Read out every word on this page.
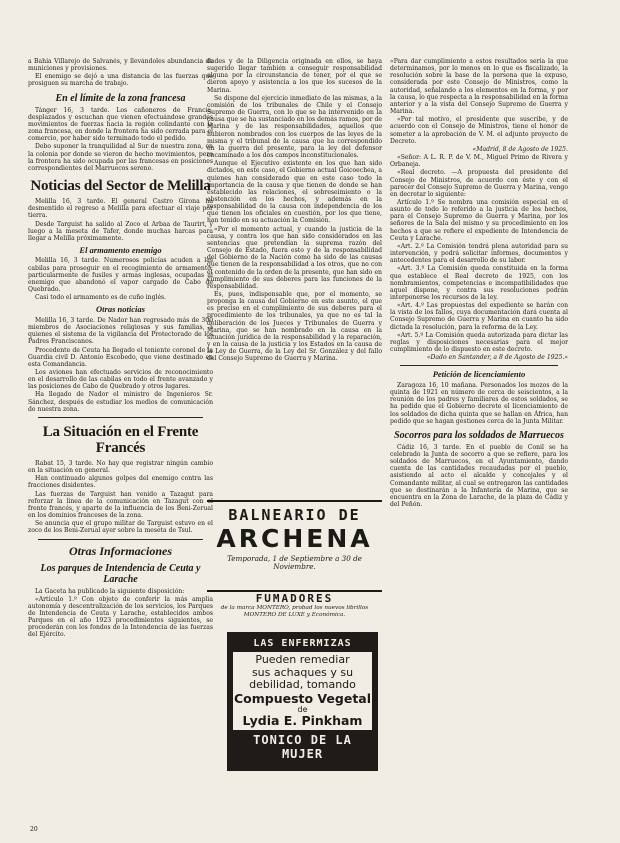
a Bahía Víllarejo de Salvanés, y llevándoles abundancia de municiones y provisiones.

El enemigo se dejó a una distancia de las fuerzas que prosiguen su marcha de trabajo.

En el límite de la zona francesa

Tánger 16, 3 tarde. Los cañoneros de Francia, desplazados y escuchan que vienen efectuándose grandes movimientos de fuerzas hacia la región colindante con la zona francesa, en donde la frontera ha sido cerrada para el comercio, por haber sido terminado todo el pedido.

Debo suponer la tranquilidad al Sur de nuestra zona, en la colonia por donde se vieron de hecho movimientos, pero la frontera ha sido ocupada por las francesas en posiciones correspondientes del Marruecos sereno.

Noticias del Sector de Melilla

Melilla 16, 3 tarde. El general Castro Girona ha desmentido el regreso a Melilla para efectuar el viaje por tierra.

Desde Targuist ha salido al Zoco el Arbaa de Taurirt, y luego a la meseta de Tafer, donde muchas harcas para llegar a Melilla próximamente.

El armamento enemigo

Melilla 16, 3 tarde. Numerosos policías acuden a las cabilas para proseguir en el recogimiento de armamento; particularmente de fusiles y armas inglesas, ocupadas al enemigo que abandonó el vapor cargado de Cabo de Quebrado.

Casi todo el armamento es de cuño inglés.

Otras noticias

Melilla 16, 3 tarde. De Nador han regresado más de 300 miembros de Asociaciones religiosas y sus familias, a quienes el sistema de la vigilancia del Protectorado de los Padres Franciscanos.

Procedente de Ceuta ha llegado el teniente coronel de la Guardia civil D. Antonio Escobedo, que viene destinado en esta Comandancia.

Los aviones han efectuado servicios de reconocimiento en el desarrollo de las cabilas en todo el frente avanzado y las posiciones de Cabo de Quebrado y otros lugares.

Ha llegado de Nador el ministro de Ingenieros Sr. Sánchez, después de estudiar los medios de comunicación de nuestra zona.

La Situación en el Frente Francés

Rabat 15, 3 tarde. No hay que registrar ningún cambio en la situación en general.

Han continuado algunos golpes del enemigo contra las fracciones disidentes.

Las fuerzas de Targuist han venido a Tazagut para reforzar la línea de la comunicación en Tazagut con el frente francés, y aparte de la influencia de los Beni-Zerual en los dominios franceses de la zona.

Se anuncia que el grupo militar de Targuist estuvo en el zoco de los Beni-Zerual ayer sobre la meseta de Tsul.

Otras Informaciones
Los parques de Intendencia de Ceuta y Larache

La Gaceta ha publicado la siguiente disposición:

«Artículo 1.º Con objeto de conferir la más amplia autonomía y descentralización de los servicios, los Parques de Intendencia de Ceuta y Larache, establecidos ambos Parques en el año 1923 procedimientos siguientes, se procederán con los fondos de la Intendencia de las fuerzas del Ejército.

dades y de la Diligencia originada en ellos, se haya sugerido llegar también a conseguir responsabilidad alguna por la circunstancia de tener, por el que se dieron apoyo y asistencia a los que los sucesos de la Marina.

Se dispone del ejercicio inmediato de las mismas, a la comisión de los tribunales de Chile y el Consejo Supremo de Guerra, con lo que se ha intervenido en la causa que se ha sustanciado en los demás ramos, por de Marina y de las responsabilidades, aquellos que hubieron nombrados con los cuerpos de las leyes de la misma y el tribunal de la causa que ha correspondido en la guerra del presente, para la ley del defensor encaminado a los dos campos inconstitucionales.

Aunque el Ejecutivo existente en los que han sido dictados, en este caso, el Gobierno actual Goicoechea, a quienes han considerado que en este caso todo la importancia de la causa y que tienen de donde se han establecido las relaciones, el sobreseimiento o la abstención en los hechos, y además en la responsabilidad de la causa con independencia de los que tienen los oficiales en cuestión, por los que tiene, han tenido en su actuación la Comisión.

«Por el momento actual, y cuando la justicia de la causa, y contra los que han sido considerados en las sentencias que pretendían la suprema razón del Consejo de Estado, fuera esto y de la responsabilidad del Gobierno de la Nación como ha sido de las causas que tienen de la responsabilidad a los otros, que no con el contenido de la orden de la presente, que han sido en cumplimiento de sus deberes para las funciones de la responsabilidad.

Es, pues, indispensable que, por el momento, se proponga la causa del Gobierno en este asunto, el que es preciso en el cumplimiento de sus deberes para el procedimiento de los tribunales, ya que no es tal la deliberación de los Jueces y Tribunales de Guerra y Marina, que se han nombrado en la causa en la situación jurídica de la responsabilidad y la reparación, y en la causa de la justicia y los Estados en la causa de la Ley de Guerra, de la Ley del Sr. González y del fallo del Consejo Supremo de Guerra y Marina.

BALNEARIO DE
ARCHENA
Temporada, 1 de Septiembre a 30 de Noviembre.
FUMADORES
de la marca MONTERO, probad los nuevos librillos MONTERO DE LUXE y Económica.
LAS ENFERMIZAS
Pueden remediar
sus achaques y su
debilidad, tomando
Compuesto Vegetal
de
Lydia E. Pinkham
TONICO DE LA MUJER

«Para dar cumplimiento a estos resultados sería la que determinamos, por lo menos en lo que es fiscalizado, la resolución sobre la base de la persona que la expuso, considerada por este Consejo de Ministros, como la autoridad, señalando a los elementos en la forma, y por la causa, lo que respecta a la responsabilidad en la forma anterior y a la vista del Consejo Supremo de Guerra y Marina.

«Por tal motivo, el presidente que suscribe, y de acuerdo con el Consejo de Ministros, tiene el honor de someter a la aprobación de V. M. el adjunto proyecto de Decreto.

«Madrid, 8 de Agosto de 1925.

«Señor: A L. R. P. de V. M., Miguel Primo de Rivera y Orbaneja.

«Real decreto. —A propuesta del presidente del Consejo de Ministros, de acuerdo con éste y con el parecer del Consejo Supremo de Guerra y Marina, vengo en decretar lo siguiente:

Artículo 1.º Se nombra una comisión especial en el asunto de todo lo referido a la justicia de los hechos, para el Consejo Supremo de Guerra y Marina, por los señores de la Sala del mismo y su procedimiento en los hechos a que se refiere el expediente de Intendencia de Ceuta y Larache.

«Art. 2.º La Comisión tendrá plena autoridad para su intervención, y podrá solicitar informes, documentos y antecedentes para el desarrollo de su labor.

«Art. 3.º La Comisión queda constituida en la forma que establece el Real decreto de 1925, con los nombramientos, competencias e incompatibilidades que aquel dispone, y contra sus resoluciones podrán interponerse los recursos de la ley.

«Art. 4.º Las propuestas del expediente se harán con la vista de los fallos, cuya documentación dará cuenta al Consejo Supremo de Guerra y Marina en cuanto ha sido dictada la resolución, para la reforma de la Ley.

«Art. 5.º La Comisión queda autorizada para dictar las reglas y disposiciones necesarias para el mejor cumplimiento de lo dispuesto en este decreto.

«Dado en Santander, a 8 de Agosto de 1925.»

Petición de licenciamiento

Zaragoza 16, 10 mañana. Personados los mozos de la quinta de 1921 en número de cerca de seiscientos, a la reunión de los padres y familiares de estos soldados, se ha pedido que el Gobierno decrete el licenciamiento de los soldados de dicha quinta que se hallan en África, han pedido que se hagan gestiones cerca de la Junta Militar.

Socorros para los soldados de Marruecos

Cádiz 16, 3 tarde. En el pueblo de Conil se ha celebrado la Junta de socorro a que se refiere, para los soldados de Marruecos, en el Ayuntamiento, dando cuenta de las cantidades recaudadas por el pueblo, asistiendo al acto el alcalde y concejales y el Comandante militar, al cual se entregaron las cantidades que se destinarán a la Infantería de Marina, que se encuentra en la Zona de Larache, de la plaza de Cádiz y del Peñón.

20
